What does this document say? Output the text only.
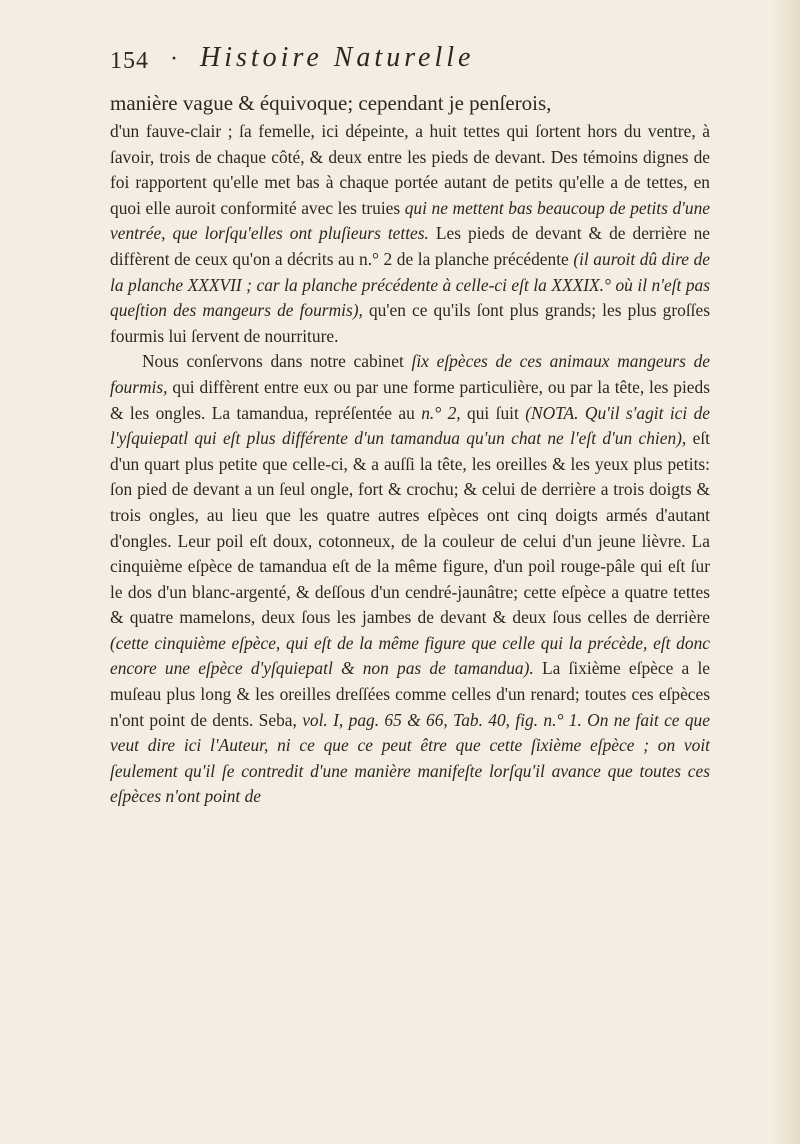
154 · Histoire Naturelle
manière vague & équivoque; cependant je penſerois,

d'un fauve-clair ; ſa femelle, ici dépeinte, a huit tettes qui ſortent hors du ventre, à ſavoir, trois de chaque côté, & deux entre les pieds de devant. Des témoins dignes de foi rapportent qu'elle met bas à chaque portée autant de petits qu'elle a de tettes, en quoi elle auroit conformité avec les truies qui ne mettent bas beaucoup de petits d'une ventrée, que lorſqu'elles ont pluſieurs tettes. Les pieds de devant & de derrière ne diffèrent de ceux qu'on a décrits au n.° 2 de la planche précédente (il auroit dû dire de la planche XXXVII ; car la planche précédente à celle-ci eſt la XXXIX.° où il n'eſt pas queſtion des mangeurs de fourmis), qu'en ce qu'ils ſont plus grands; les plus groſſes fourmis lui ſervent de nourriture.

Nous conſervons dans notre cabinet ſix eſpèces de ces animaux mangeurs de fourmis, qui diffèrent entre eux ou par une forme particulière, ou par la tête, les pieds & les ongles. La tamandua, repréſentée au n.° 2, qui ſuit (NOTA. Qu'il s'agit ici de l'yſquiepatl qui eſt plus différente d'un tamandua qu'un chat ne l'eſt d'un chien), eſt d'un quart plus petite que celle-ci, & a auſſi la tête, les oreilles & les yeux plus petits: ſon pied de devant a un ſeul ongle, fort & crochu; & celui de derrière a trois doigts & trois ongles, au lieu que les quatre autres eſpèces ont cinq doigts armés d'autant d'ongles. Leur poil eſt doux, cotonneux, de la couleur de celui d'un jeune lièvre. La cinquième eſpèce de tamandua eſt de la même figure, d'un poil rouge-pâle qui eſt ſur le dos d'un blanc-argenté, & deſſous d'un cendré-jaunâtre; cette eſpèce a quatre tettes & quatre mamelons, deux ſous les jambes de devant & deux ſous celles de derrière (cette cinquième eſpèce, qui eſt de la même figure que celle qui la précède, eſt donc encore une eſpèce d'yſquiepatl & non pas de tamandua). La ſixième eſpèce a le muſeau plus long & les oreilles dreſſées comme celles d'un renard; toutes ces eſpèces n'ont point de dents. Seba, vol. I, pag. 65 & 66, Tab. 40, fig. n.° 1. On ne fait ce que veut dire ici l'Auteur, ni ce que ce peut être que cette ſixième eſpèce ; on voit ſeulement qu'il ſe contredit d'une manière manifeſte lorſqu'il avance que toutes ces eſpèces n'ont point de
